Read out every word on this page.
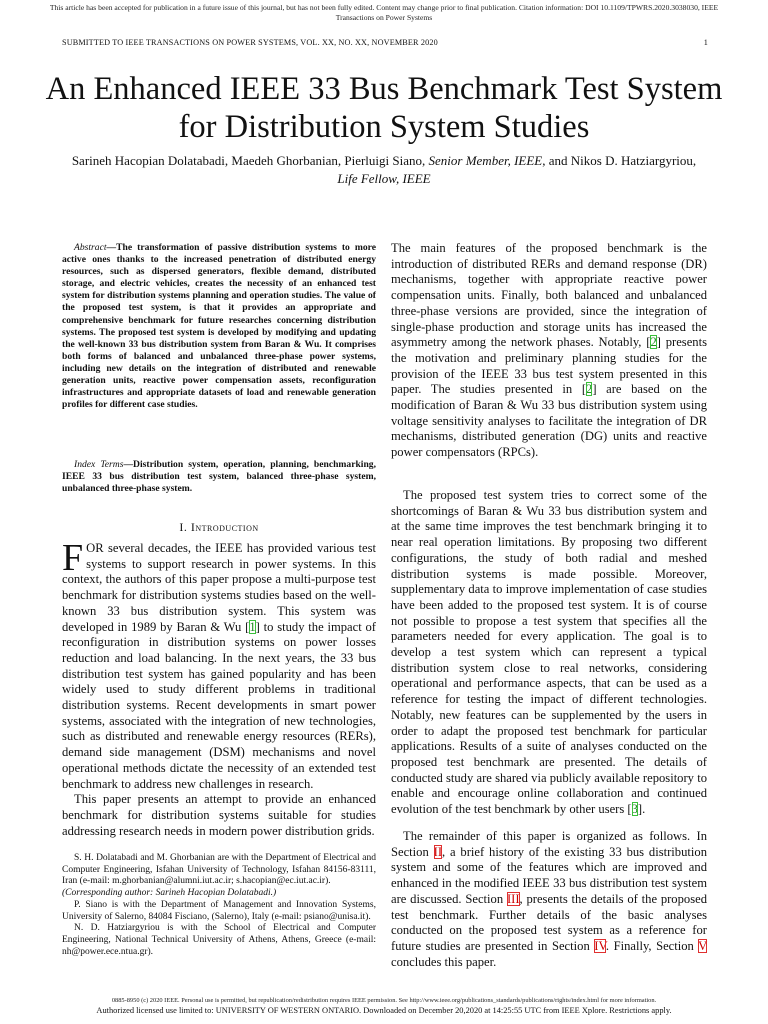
This article has been accepted for publication in a future issue of this journal, but has not been fully edited. Content may change prior to final publication. Citation information: DOI 10.1109/TPWRS.2020.3038030, IEEE
Transactions on Power Systems
SUBMITTED TO IEEE TRANSACTIONS ON POWER SYSTEMS, VOL. XX, NO. XX, NOVEMBER 2020	1
An Enhanced IEEE 33 Bus Benchmark Test System
for Distribution System Studies
Sarineh Hacopian Dolatabadi, Maedeh Ghorbanian, Pierluigi Siano, Senior Member, IEEE, and Nikos D. Hatziargyriou, Life Fellow, IEEE
Abstract—The transformation of passive distribution systems to more active ones thanks to the increased penetration of distributed energy resources, such as dispersed generators, flexible demand, distributed storage, and electric vehicles, creates the necessity of an enhanced test system for distribution systems planning and operation studies. The value of the proposed test system, is that it provides an appropriate and comprehensive benchmark for future researches concerning distribution systems. The proposed test system is developed by modifying and updating the well-known 33 bus distribution system from Baran & Wu. It comprises both forms of balanced and unbalanced three-phase power systems, including new details on the integration of distributed and renewable generation units, reactive power compensation assets, reconfiguration infrastructures and appropriate datasets of load and renewable generation profiles for different case studies.
Index Terms—Distribution system, operation, planning, benchmarking, IEEE 33 bus distribution test system, balanced three-phase system, unbalanced three-phase system.
I. Introduction

FOR several decades, the IEEE has provided various test systems to support research in power systems. In this context, the authors of this paper propose a multi-purpose test benchmark for distribution systems studies based on the well-known 33 bus distribution system. This system was developed in 1989 by Baran & Wu [1] to study the impact of reconfiguration in distribution systems on power losses reduction and load balancing. In the next years, the 33 bus distribution test system has gained popularity and has been widely used to study different problems in traditional distribution systems. Recent developments in smart power systems, associated with the integration of new technologies, such as distributed and renewable energy resources (RERs), demand side management (DSM) mechanisms and novel operational methods dictate the necessity of an extended test benchmark to address new challenges in research.

This paper presents an attempt to provide an enhanced benchmark for distribution systems suitable for studies addressing research needs in modern power distribution grids.

S. H. Dolatabadi and M. Ghorbanian are with the Department of Electrical and Computer Engineering, Isfahan University of Technology, Isfahan 84156-83111, Iran (e-mail: m.ghorbanian@alumni.iut.ac.ir; s.hacopian@ec.iut.ac.ir).
(Corresponding author: Sarineh Hacopian Dolatabadi.)

P. Siano is with the Department of Management and Innovation Systems, University of Salerno, 84084 Fisciano, (Salerno), Italy (e-mail: psiano@unisa.it).

N. D. Hatziargyriou is with the School of Electrical and Computer Engineering, National Technical University of Athens, Athens, Greece (e-mail: nh@power.ece.ntua.gr).

The main features of the proposed benchmark is the introduction of distributed RERs and demand response (DR) mechanisms, together with appropriate reactive power compensation units. Finally, both balanced and unbalanced three-phase versions are provided, since the integration of single-phase production and storage units has increased the asymmetry among the network phases. Notably, [2] presents the motivation and preliminary planning studies for the provision of the IEEE 33 bus test system presented in this paper. The studies presented in [2] are based on the modification of Baran & Wu 33 bus distribution system using voltage sensitivity analyses to facilitate the integration of DR mechanisms, distributed generation (DG) units and reactive power compensators (RPCs).
The proposed test system tries to correct some of the shortcomings of Baran & Wu 33 bus distribution system and at the same time improves the test benchmark bringing it to near real operation limitations. By proposing two different configurations, the study of both radial and meshed distribution systems is made possible. Moreover, supplementary data to improve implementation of case studies have been added to the proposed test system. It is of course not possible to propose a test system that specifies all the parameters needed for every application. The goal is to develop a test system which can represent a typical distribution system close to real networks, considering operational and performance aspects, that can be used as a reference for testing the impact of different technologies. Notably, new features can be supplemented by the users in order to adapt the proposed test benchmark for particular applications. Results of a suite of analyses conducted on the proposed test benchmark are presented. The details of conducted study are shared via publicly available repository to enable and encourage online collaboration and continued evolution of the test benchmark by other users [3].
The remainder of this paper is organized as follows. In Section II, a brief history of the existing 33 bus distribution system and some of the features which are improved and enhanced in the modified IEEE 33 bus distribution test system are discussed. Section III, presents the details of the proposed test benchmark. Further details of the basic analyses conducted on the proposed test system as a reference for future studies are presented in Section IV. Finally, Section V concludes this paper.
0885-8950 (c) 2020 IEEE. Personal use is permitted, but republication/redistribution requires IEEE permission. See http://www.ieee.org/publications_standards/publications/rights/index.html for more information.
Authorized licensed use limited to: UNIVERSITY OF WESTERN ONTARIO. Downloaded on December 20,2020 at 14:25:55 UTC from IEEE Xplore. Restrictions apply.
